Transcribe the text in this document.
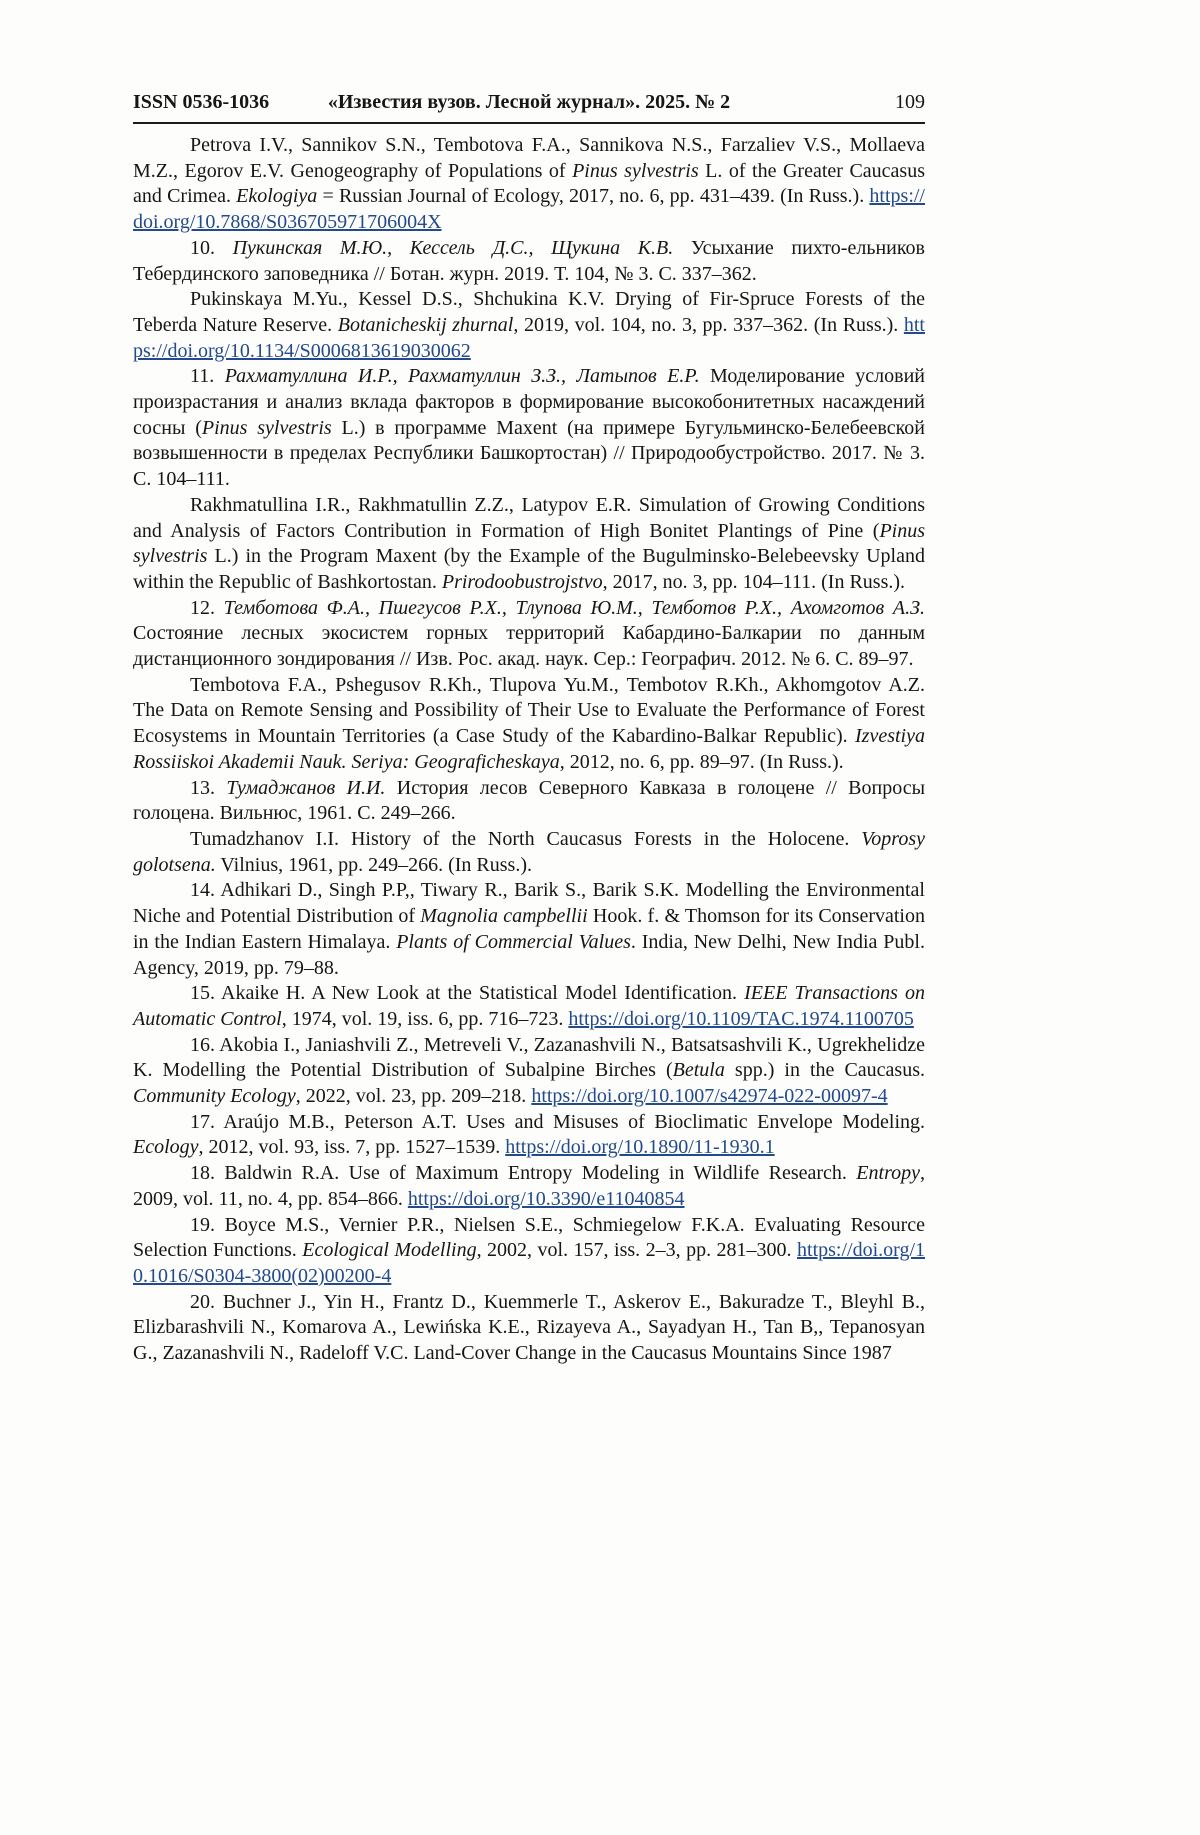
ISSN 0536-1036	«Известия вузов. Лесной журнал». 2025. № 2	109

Petrova I.V., Sannikov S.N., Tembotova F.A., Sannikova N.S., Farzaliev V.S., Mollaeva M.Z., Egorov E.V. Genogeography of Populations of Pinus sylvestris L. of the Greater Caucasus and Crimea. Ekologiya = Russian Journal of Ecology, 2017, no. 6, pp. 431–439. (In Russ.). https://doi.org/10.7868/S036705971706004X

10. Пукинская М.Ю., Кессель Д.С., Щукина К.В. Усыхание пихто-ельников Тебердинского заповедника // Ботан. журн. 2019. Т. 104, № 3. С. 337–362.

Pukinskaya M.Yu., Kessel D.S., Shchukina K.V. Drying of Fir-Spruce Forests of the Teberda Nature Reserve. Botanicheskij zhurnal, 2019, vol. 104, no. 3, pp. 337–362. (In Russ.). https://doi.org/10.1134/S0006813619030062

11. Рахматуллина И.Р., Рахматуллин З.З., Латыпов Е.Р. Моделирование условий произрастания и анализ вклада факторов в формирование высокобонитетных насаждений сосны (Pinus sylvestris L.) в программе Maxent (на примере Бугульминско-Белебеевской возвышенности в пределах Республики Башкортостан) // Природообустройство. 2017. № 3. С. 104–111.

Rakhmatullina I.R., Rakhmatullin Z.Z., Latypov E.R. Simulation of Growing Conditions and Analysis of Factors Contribution in Formation of High Bonitet Plantings of Pine (Pinus sylvestris L.) in the Program Maxent (by the Example of the Bugulminsko-Belebeevsky Upland within the Republic of Bashkortostan. Prirodoobustrojstvo, 2017, no. 3, pp. 104–111. (In Russ.).

12. Темботова Ф.А., Пшегусов Р.Х., Тлупова Ю.М., Темботов Р.Х., Ахомготов А.З. Состояние лесных экосистем горных территорий Кабардино-Балкарии по данным дистанционного зондирования // Изв. Рос. акад. наук. Сер.: Географич. 2012. № 6. С. 89–97.

Tembotova F.A., Pshegusov R.Kh., Tlupova Yu.M., Tembotov R.Kh., Akhomgotov A.Z. The Data on Remote Sensing and Possibility of Their Use to Evaluate the Performance of Forest Ecosystems in Mountain Territories (a Case Study of the Kabardino-Balkar Republic). Izvestiya Rossiiskoi Akademii Nauk. Seriya: Geograficheskaya, 2012, no. 6, pp. 89–97. (In Russ.).

13. Тумаджанов И.И. История лесов Северного Кавказа в голоцене // Вопросы голоцена. Вильнюс, 1961. С. 249–266.

Tumadzhanov I.I. History of the North Caucasus Forests in the Holocene. Voprosy golotsena. Vilnius, 1961, pp. 249–266. (In Russ.).

14. Adhikari D., Singh P.P,, Tiwary R., Barik S., Barik S.K. Modelling the Environmental Niche and Potential Distribution of Magnolia campbellii Hook. f. & Thomson for its Conservation in the Indian Eastern Himalaya. Plants of Commercial Values. India, New Delhi, New India Publ. Agency, 2019, pp. 79–88.

15. Akaike H. A New Look at the Statistical Model Identification. IEEE Transactions on Automatic Control, 1974, vol. 19, iss. 6, pp. 716–723. https://doi.org/10.1109/TAC.1974.1100705

16. Akobia I., Janiashvili Z., Metreveli V., Zazanashvili N., Batsatsashvili K., Ugrekhelidze K. Modelling the Potential Distribution of Subalpine Birches (Betula spp.) in the Caucasus. Community Ecology, 2022, vol. 23, pp. 209–218. https://doi.org/10.1007/s42974-022-00097-4

17. Araújo M.B., Peterson A.T. Uses and Misuses of Bioclimatic Envelope Modeling. Ecology, 2012, vol. 93, iss. 7, pp. 1527–1539. https://doi.org/10.1890/11-1930.1

18. Baldwin R.A. Use of Maximum Entropy Modeling in Wildlife Research. Entropy, 2009, vol. 11, no. 4, pp. 854–866. https://doi.org/10.3390/e11040854

19. Boyce M.S., Vernier P.R., Nielsen S.E., Schmiegelow F.K.A. Evaluating Resource Selection Functions. Ecological Modelling, 2002, vol. 157, iss. 2–3, pp. 281–300. https://doi.org/10.1016/S0304-3800(02)00200-4

20. Buchner J., Yin H., Frantz D., Kuemmerle T., Askerov E., Bakuradze T., Bleyhl B., Elizbarashvili N., Komarova A., Lewińska K.E., Rizayeva A., Sayadyan H., Tan B,, Tepanosyan G., Zazanashvili N., Radeloff V.C. Land-Cover Change in the Caucasus Mountains Since 1987
